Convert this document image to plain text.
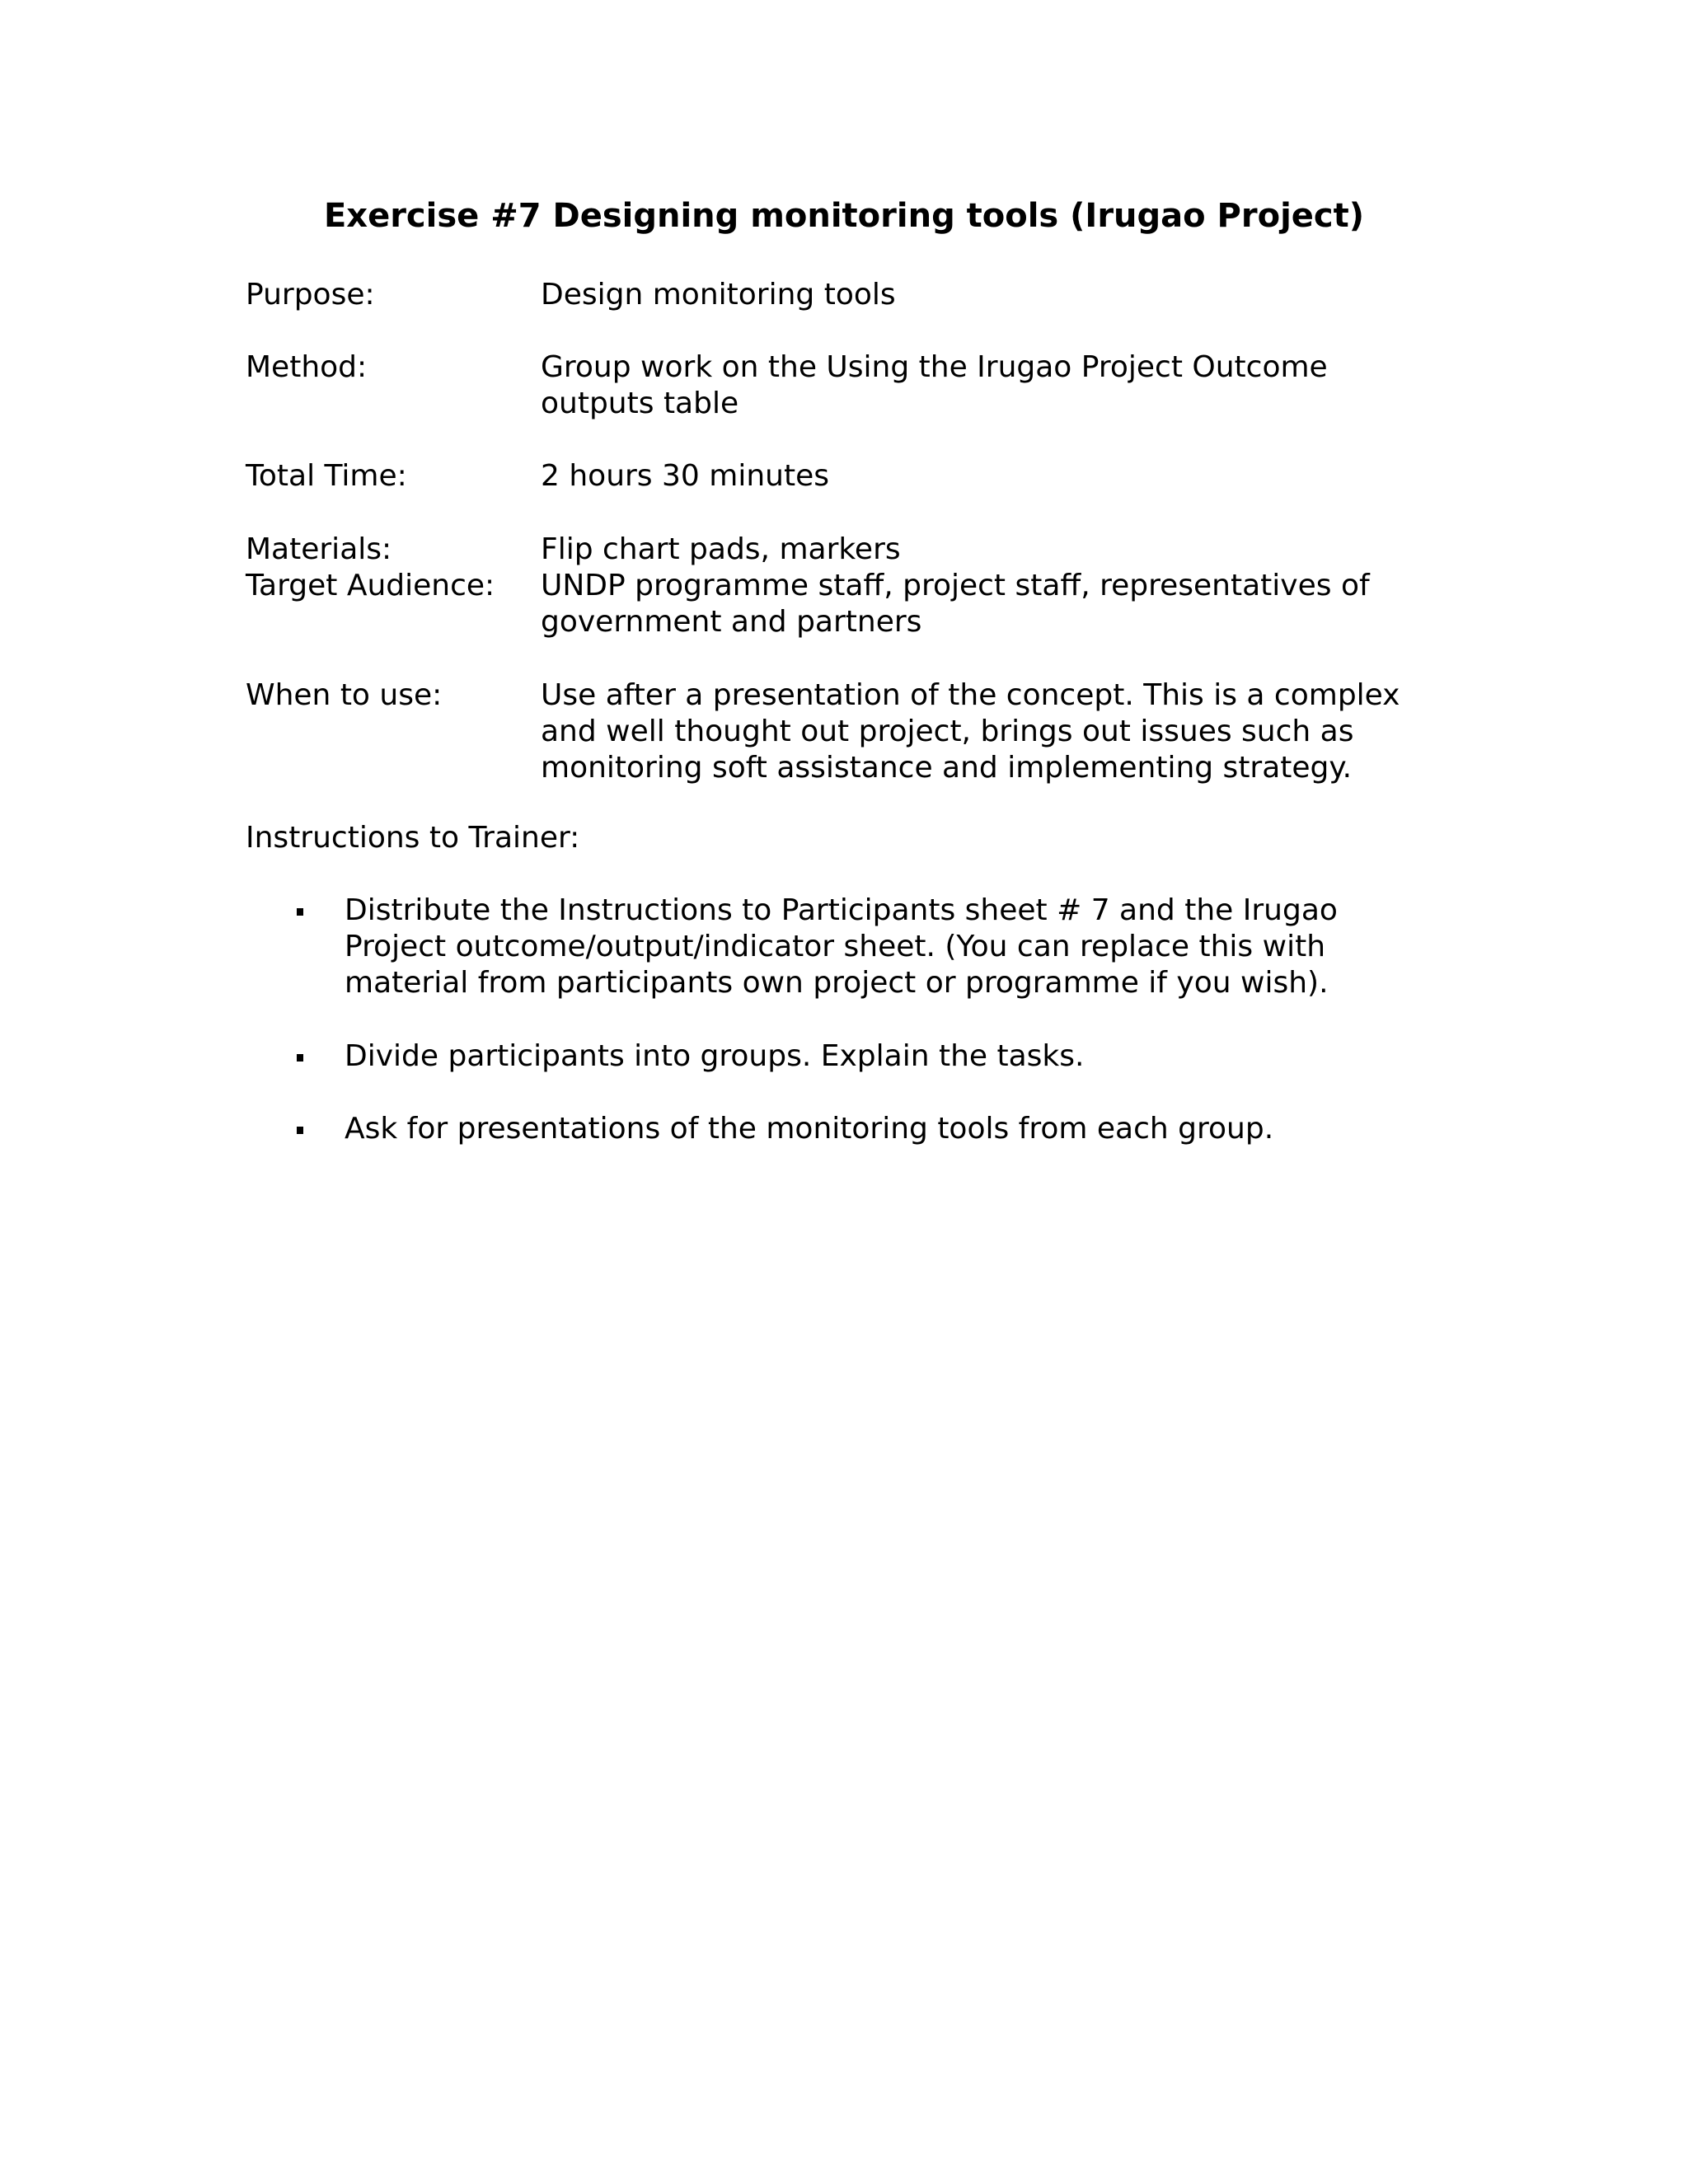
Exercise #7 Designing monitoring tools (Irugao Project)
Purpose:	Design monitoring tools
Method:	Group work on the Using the Irugao Project Outcome
outputs table
Total Time:	2 hours 30 minutes
Materials:	Flip chart pads, markers
Target Audience: UNDP programme staff, project staff, representatives of
government and partners
When to use:	Use after a presentation of the concept. This is a complex
and well thought out project, brings out issues such as
monitoring soft assistance and implementing strategy.
Instructions to Trainer:
Distribute the Instructions to Participants sheet # 7 and the Irugao
Project outcome/output/indicator sheet. (You can replace this with
material from participants own project or programme if you wish).
Divide participants into groups. Explain the tasks.
Ask for presentations of the monitoring tools from each group.
